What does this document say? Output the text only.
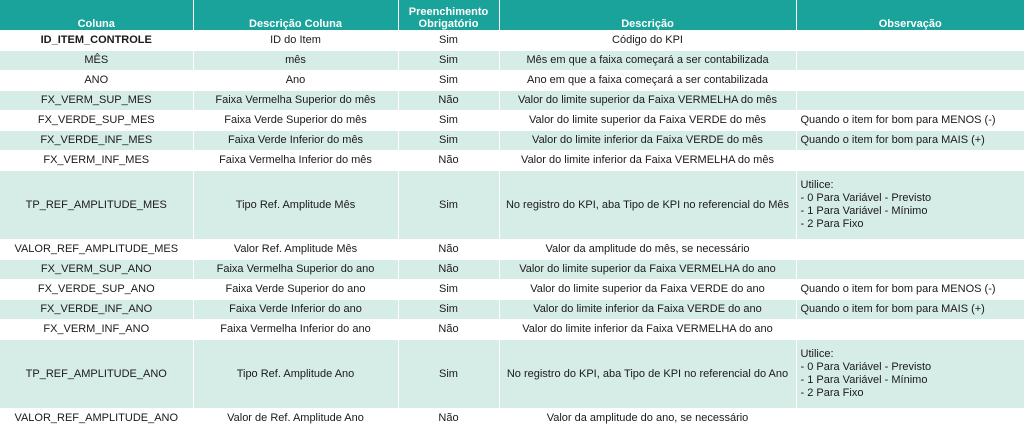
Coluna	Descrição Coluna	Preenchimento Obrigatório	Descrição	Observação
ID_ITEM_CONTROLE	ID do Item	Sim	Código do KPI	
MÊS	mês	Sim	Mês em que a faixa começará a ser contabilizada	
ANO	Ano	Sim	Ano em que a faixa começará a ser contabilizada	
FX_VERM_SUP_MES	Faixa Vermelha Superior do mês	Não	Valor do limite superior da Faixa VERMELHA do mês	
FX_VERDE_SUP_MES	Faixa Verde Superior do mês	Sim	Valor do limite superior da Faixa VERDE do mês	Quando o item for bom para MENOS (-)
FX_VERDE_INF_MES	Faixa Verde Inferior do mês	Sim	Valor do limite inferior da Faixa VERDE do mês	Quando o item for bom para MAIS (+)
FX_VERM_INF_MES	Faixa Vermelha Inferior do mês	Não	Valor do limite inferior da Faixa VERMELHA do mês	
TP_REF_AMPLITUDE_MES	Tipo Ref. Amplitude Mês	Sim	No registro do KPI, aba Tipo de KPI no referencial do Mês	Utilice:
- 0 Para Variável - Previsto
- 1 Para Variável - Mínimo
- 2 Para Fixo

VALOR_REF_AMPLITUDE_MES	Valor Ref. Amplitude Mês	Não	Valor da amplitude do mês, se necessário	
FX_VERM_SUP_ANO	Faixa Vermelha Superior do ano	Não	Valor do limite superior da Faixa VERMELHA do ano	
FX_VERDE_SUP_ANO	Faixa Verde Superior do ano	Sim	Valor do limite superior da Faixa VERDE do ano	Quando o item for bom para MENOS (-)
FX_VERDE_INF_ANO	Faixa Verde Inferior do ano	Sim	Valor do limite inferior da Faixa VERDE do ano	Quando o item for bom para MAIS (+)
FX_VERM_INF_ANO	Faixa Vermelha Inferior do ano	Não	Valor do limite inferior da Faixa VERMELHA do ano	
TP_REF_AMPLITUDE_ANO	Tipo Ref. Amplitude Ano	Sim	No registro do KPI, aba Tipo de KPI no referencial do Ano	Utilice:
- 0 Para Variável - Previsto
- 1 Para Variável - Mínimo
- 2 Para Fixo

VALOR_REF_AMPLITUDE_ANO	Valor de Ref. Amplitude Ano	Não	Valor da amplitude do ano, se necessário	
